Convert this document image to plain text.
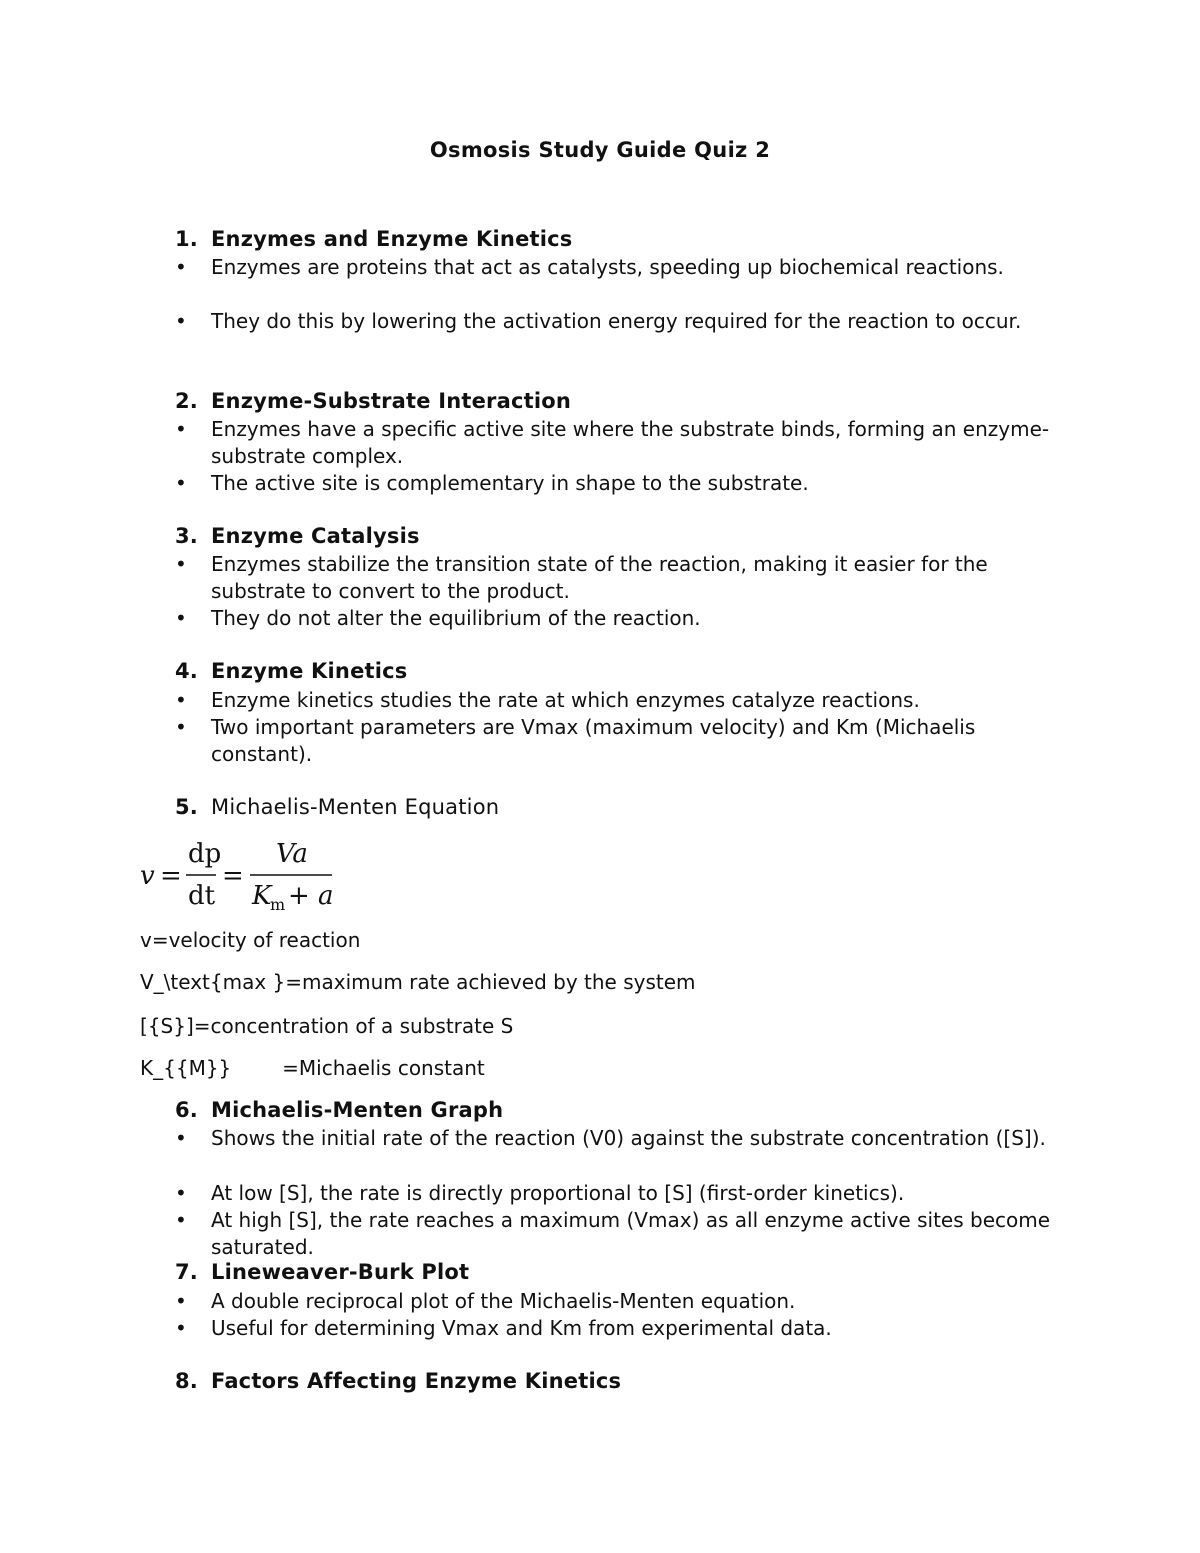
Osmosis Study Guide Quiz 2
1. Enzymes and Enzyme Kinetics
•	Enzymes are proteins that act as catalysts, speeding up biochemical reactions.
•	They do this by lowering the activation energy required for the reaction to occur.
2. Enzyme-Substrate Interaction
•	Enzymes have a specific active site where the substrate binds, forming an enzyme-substrate complex.
•	The active site is complementary in shape to the substrate.
3. Enzyme Catalysis
•	Enzymes stabilize the transition state of the reaction, making it easier for the substrate to convert to the product.
•	They do not alter the equilibrium of the reaction.
4. Enzyme Kinetics
•	Enzyme kinetics studies the rate at which enzymes catalyze reactions.
•	Two important parameters are Vmax (maximum velocity) and Km (Michaelis constant).
5. Michaelis-Menten Equation
v =
dp
dt
=
Va
K
m + a
v=velocity of reaction
V_\text{max }=maximum rate achieved by the system
[{S}]=concentration of a substrate S
K_{{M}}        =Michaelis constant
6. Michaelis-Menten Graph
•	Shows the initial rate of the reaction (V0) against the substrate concentration ([S]).
•	At low [S], the rate is directly proportional to [S] (first-order kinetics).
•	At high [S], the rate reaches a maximum (Vmax) as all enzyme active sites become saturated.
7. Lineweaver-Burk Plot
•	A double reciprocal plot of the Michaelis-Menten equation.
•	Useful for determining Vmax and Km from experimental data.
8. Factors Affecting Enzyme Kinetics
